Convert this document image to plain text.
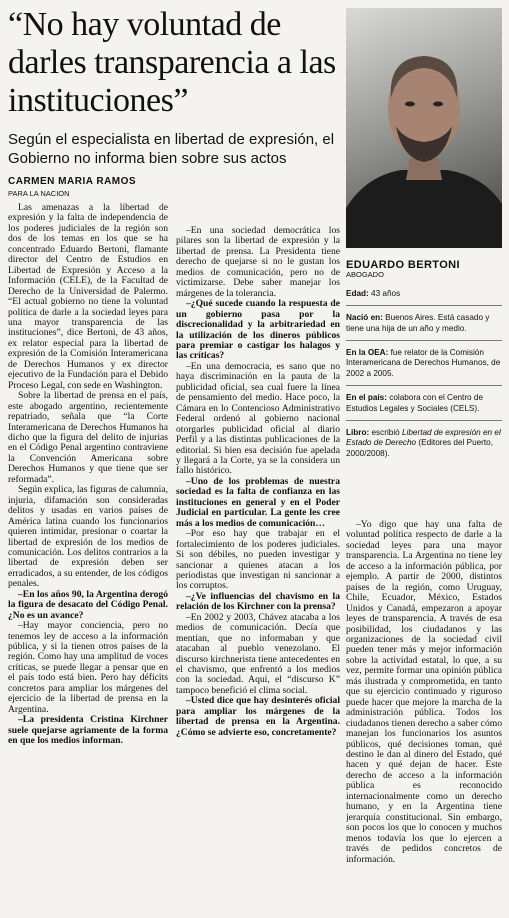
“No hay voluntad de darles transparencia a las instituciones”

Según el especialista en libertad de expresión, el Gobierno no informa bien sobre sus actos

CARMEN MARIA RAMOS
PARA LA NACION

Las amenazas a la libertad de expresión y la falta de independencia de los poderes judiciales de la región son dos de los temas en los que se ha concentrado Eduardo Bertoni, flamante director del Centro de Estudios en Libertad de Expresión y Acceso a la Información (CELE), de la Facultad de Derecho de la Universidad de Palermo. “El actual gobierno no tiene la voluntad política de darle a la sociedad leyes para una mayor transparencia de las instituciones”, dice Bertoni, de 43 años, ex relator especial para la libertad de expresión de la Comisión Interamericana de Derechos Humanos y ex director ejecutivo de la Fundación para el Debido Proceso Legal, con sede en Washington.

Sobre la libertad de prensa en el país, este abogado argentino, recientemente repatriado, señala que “la Corte Interamericana de Derechos Humanos ha dicho que la figura del delito de injurias en el Código Penal argentino contraviene la Convención Americana sobre Derechos Humanos y que tiene que ser reformada”.

Según explica, las figuras de calumnia, injuria, difamación son consideradas delitos y usadas en varios países de América latina cuando los funcionarios quieren intimidar, presionar o coartar la libertad de expresión de los medios de comunicación. Los delitos contrarios a la libertad de expresión deben ser erradicados, a su entender, de los códigos penales.

–En los años 90, la Argentina derogó la figura de desacato del Código Penal. ¿No es un avance?

–Hay mayor conciencia, pero no tenemos ley de acceso a la información pública, y si la tienen otros países de la región. Como hay una amplitud de voces críticas, se puede llegar a pensar que en el país todo está bien. Pero hay déficits concretos para ampliar los márgenes del ejercicio de la libertad de prensa en la Argentina.

–La presidenta Cristina Kirchner suele quejarse agriamente de la forma en que los medios informan.

–En una sociedad democrática los pilares son la libertad de expresión y la libertad de prensa. La Presidenta tiene derecho de quejarse si no le gustan los medios de comunicación, pero no de victimizarse. Debe saber manejar los márgenes de la tolerancia.

–¿Qué sucede cuando la respuesta de un gobierno pasa por la discrecionalidad y la arbitrariedad en la utilización de los dineros públicos para premiar o castigar los halagos y las críticas?

–En una democracia, es sano que no haya discriminación en la pauta de la publicidad oficial, sea cual fuere la línea de pensamiento del medio. Hace poco, la Cámara en lo Contencioso Administrativo Federal ordenó al gobierno nacional otorgarles publicidad oficial al diario Perfil y a las distintas publicaciones de la editorial. Si bien esa decisión fue apelada y llegará a la Corte, ya se la considera un fallo histórico.

–Uno de los problemas de nuestra sociedad es la falta de confianza en las instituciones en general y en el Poder Judicial en particular. La gente les cree más a los medios de comunicación…

–Por eso hay que trabajar en el fortalecimiento de los poderes judiciales. Si son débiles, no pueden investigar y sancionar a quienes atacan a los periodistas que investigan ni sancionar a los corruptos.

–¿Ve influencias del chavismo en la relación de los Kirchner con la prensa?

–En 2002 y 2003, Chávez atacaba a los medios de comunicación. Decía que mentían, que no informaban y que atacaban al pueblo venezolano. El discurso kirchnerista tiene antecedentes en el chavismo, que enfrentó a los medios con la sociedad. Aquí, el “discurso K” tampoco benefició el clima social.

–Usted dice que hay desinterés oficial para ampliar los márgenes de la libertad de prensa en la Argentina. ¿Cómo se advierte eso, concretamente?

EDUARDO BERTONI
ABOGADO
Edad: 43 años
Nació en: Buenos Aires. Está casado y tiene una hija de un año y medio.
En la OEA: fue relator de la Comisión Interamericana de Derechos Humanos, de 2002 a 2005.
En el país: colabora con el Centro de Estudios Legales y Sociales (CELS).
Libro: escribió Libertad de expresión en el Estado de Derecho (Editores del Puerto, 2000/2008).

–Yo digo que hay una falta de voluntad política respecto de darle a la sociedad leyes para una mayor transparencia. La Argentina no tiene ley de acceso a la información pública, por ejemplo. A partir de 2000, distintos países de la región, como Uruguay, Chile, Ecuador, México, Estados Unidos y Canadá, empezaron a apoyar leyes de transparencia. A través de esa posibilidad, los ciudadanos y las organizaciones de la sociedad civil pueden tener más y mejor información sobre la actividad estatal, lo que, a su vez, permite formar una opinión pública más ilustrada y comprometida, en tanto que su ejercicio continuado y riguroso puede hacer que mejore la marcha de la administración pública. Todos los ciudadanos tienen derecho a saber cómo manejan los funcionarios los asuntos públicos, qué decisiones toman, qué destino le dan al dinero del Estado, qué hacen y qué dejan de hacer. Este derecho de acceso a la información pública es reconocido internacionalmente como un derecho humano, y en la Argentina tiene jerarquía constitucional. Sin embargo, son pocos los que lo conocen y muchos menos todavía los que lo ejercen a través de pedidos concretos de información.
